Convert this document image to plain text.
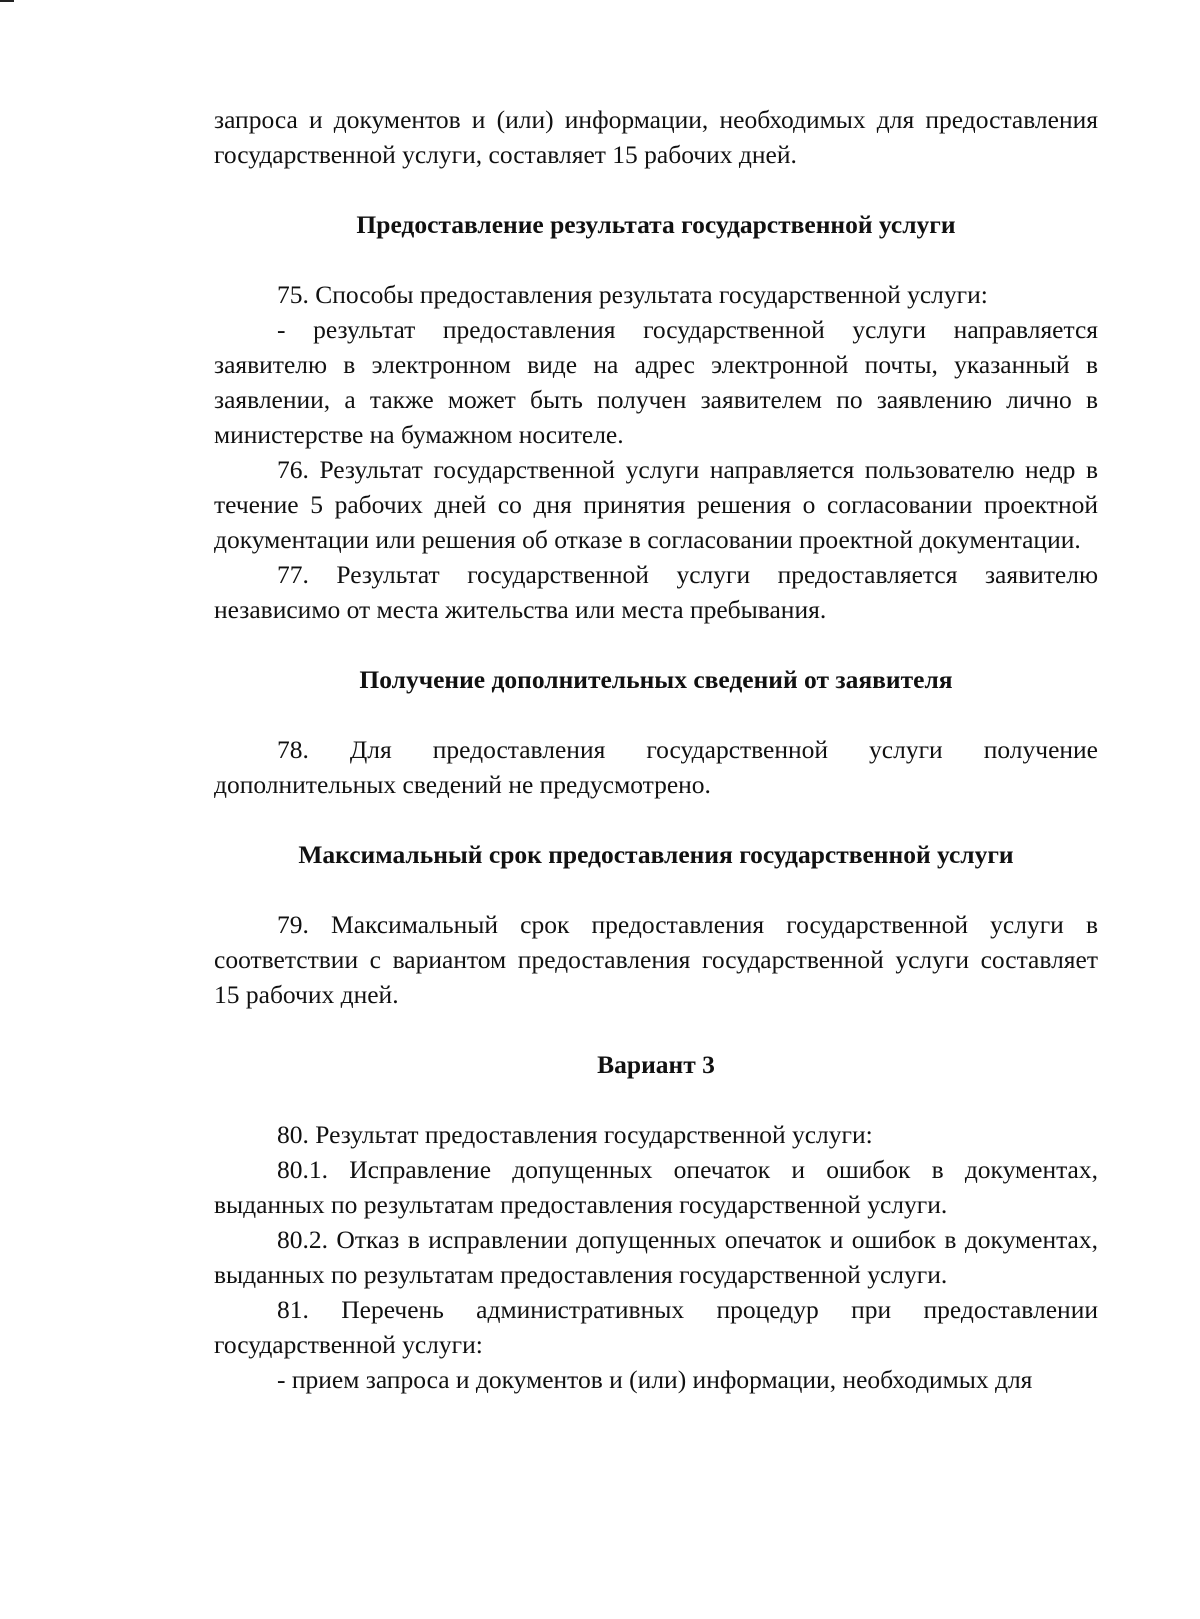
запроса и документов и (или) информации, необходимых для предоставления государственной услуги, составляет 15 рабочих дней.

Предоставление результата государственной услуги

75. Способы предоставления результата государственной услуги:

- результат предоставления государственной услуги направляется заявителю в электронном виде на адрес электронной почты, указанный в заявлении, а также может быть получен заявителем по заявлению лично в министерстве на бумажном носителе.

76. Результат государственной услуги направляется пользователю недр в течение 5 рабочих дней со дня принятия решения о согласовании проектной документации или решения об отказе в согласовании проектной документации.

77. Результат государственной услуги предоставляется заявителю независимо от места жительства или места пребывания.

Получение дополнительных сведений от заявителя

78. Для предоставления государственной услуги получение дополнительных сведений не предусмотрено.

Максимальный срок предоставления государственной услуги

79. Максимальный срок предоставления государственной услуги в соответствии с вариантом предоставления государственной услуги составляет 15 рабочих дней.

Вариант 3

80. Результат предоставления государственной услуги:

80.1. Исправление допущенных опечаток и ошибок в документах, выданных по результатам предоставления государственной услуги.

80.2. Отказ в исправлении допущенных опечаток и ошибок в документах, выданных по результатам предоставления государственной услуги.

81. Перечень административных процедур при предоставлении государственной услуги:

- прием запроса и документов и (или) информации, необходимых для
